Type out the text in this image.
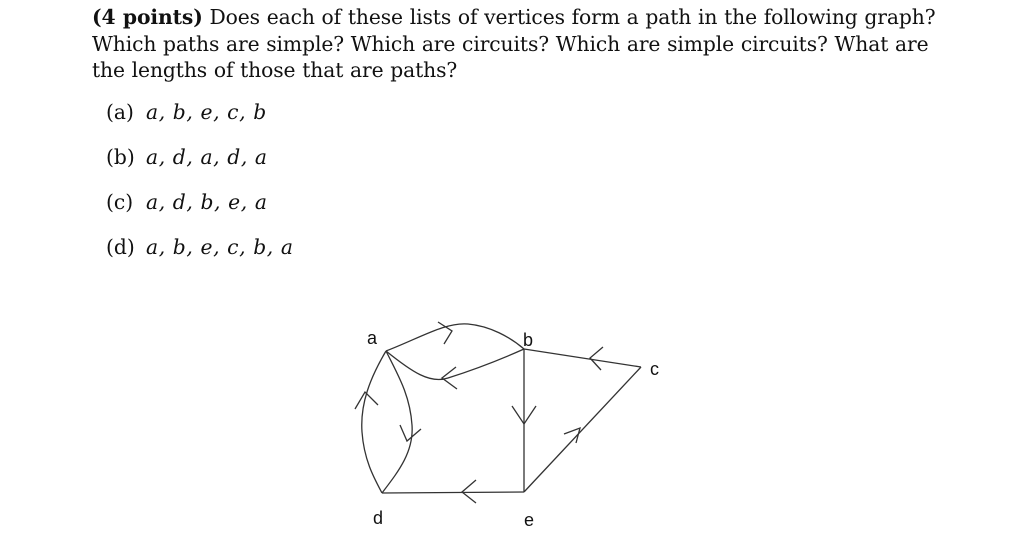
(4 points) Does each of these lists of vertices form a path in the following graph? Which paths are simple? Which are circuits? Which are simple circuits? What are the lengths of those that are paths?
(a) a, b, e, c, b
(b) a, d, a, d, a
(c) a, d, b, e, a
(d) a, b, e, c, b, a
a	b
c
d	e
